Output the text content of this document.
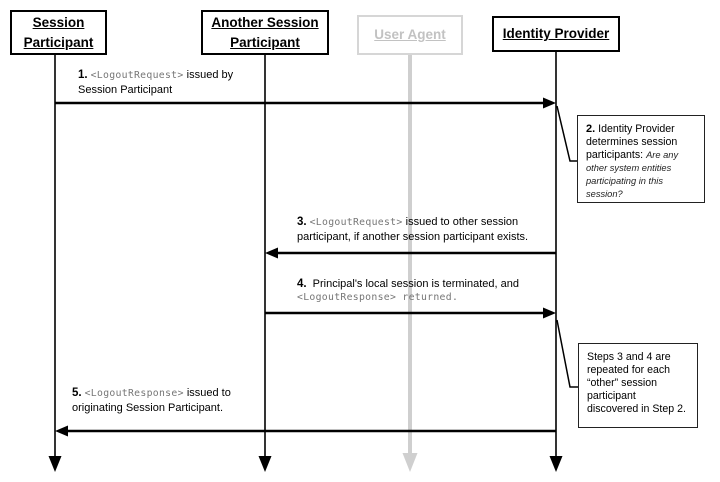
Session Participant
Another Session Participant	User Agent	Identity Provider
1. <LogoutRequest> issued by
Session Participant
3. <LogoutRequest> issued to other session
participant, if another session participant exists.
4. Principal's local session is terminated, and
<LogoutResponse> returned.
5. <LogoutResponse> issued to
originating Session Participant.
2. Identity Provider determines session participants: Are any other system entities participating in this session?
Steps 3 and 4 are repeated for each “other” session participant discovered in Step 2.
